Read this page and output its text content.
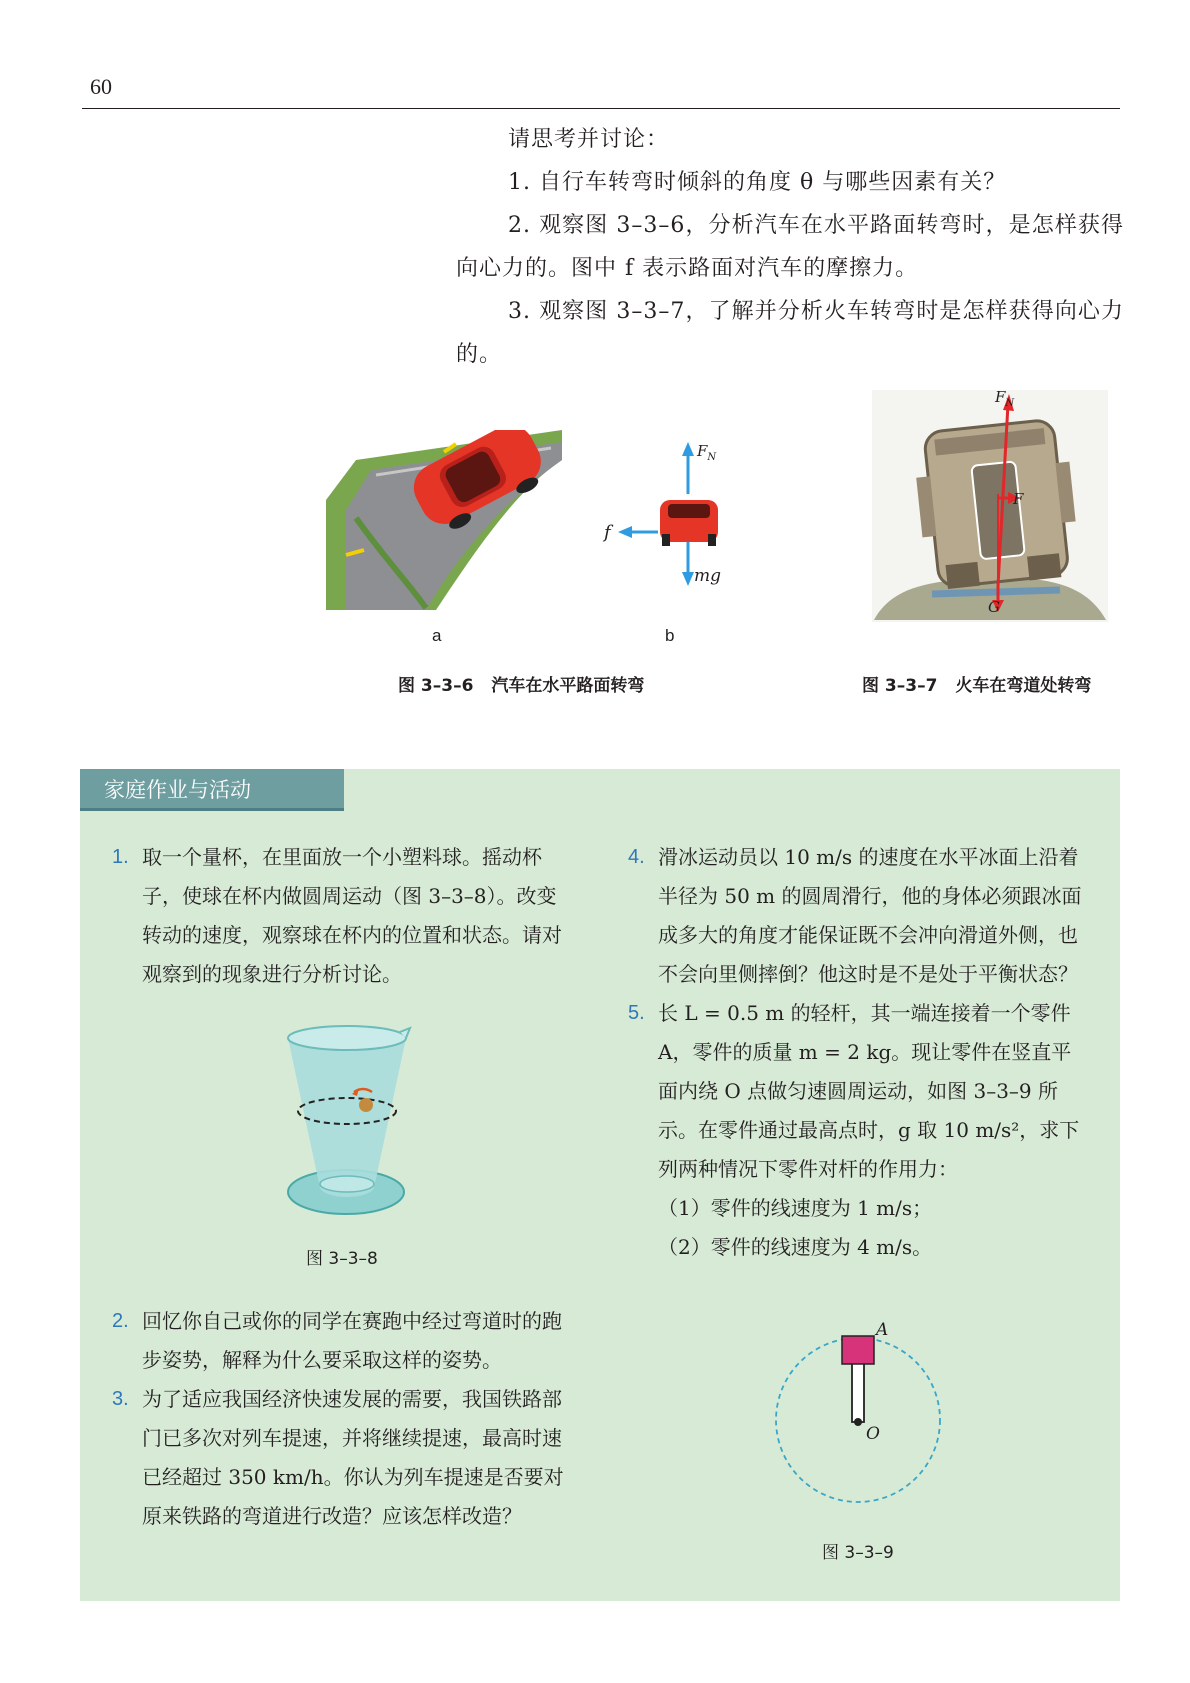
60

请思考并讨论：

1. 自行车转弯时倾斜的角度 θ 与哪些因素有关？

2. 观察图 3–3–6，分析汽车在水平路面转弯时，是怎样获得向心力的。图中 f 表示路面对汽车的摩擦力。

3. 观察图 3–3–7，了解并分析火车转弯时是怎样获得向心力的。

a
$F_N$
f
mg
b
图 3–3–6 汽车在水平路面转弯
$F_N$
F
G
图 3–3–7 火车在弯道处转弯
家庭作业与活动

1. 取一个量杯，在里面放一个小塑料球。摇动杯子，使球在杯内做圆周运动（图 3–3–8）。改变转动的速度，观察球在杯内的位置和状态。请对观察到的现象进行分析讨论。

图 3–3–8

2. 回忆你自己或你的同学在赛跑中经过弯道时的跑步姿势，解释为什么要采取这样的姿势。

3. 为了适应我国经济快速发展的需要，我国铁路部门已多次对列车提速，并将继续提速，最高时速已经超过 350 km/h。你认为列车提速是否要对原来铁路的弯道进行改造？应该怎样改造？

4. 滑冰运动员以 10 m/s 的速度在水平冰面上沿着半径为 50 m 的圆周滑行，他的身体必须跟冰面成多大的角度才能保证既不会冲向滑道外侧，也不会向里侧摔倒？他这时是不是处于平衡状态？

5. 长 L = 0.5 m 的轻杆，其一端连接着一个零件 A，零件的质量 m = 2 kg。现让零件在竖直平面内绕 O 点做匀速圆周运动，如图 3–3–9 所示。在零件通过最高点时，g 取 10 m/s²，求下列两种情况下零件对杆的作用力：

（1）零件的线速度为 1 m/s；

（2）零件的线速度为 4 m/s。

A
O
图 3–3–9
